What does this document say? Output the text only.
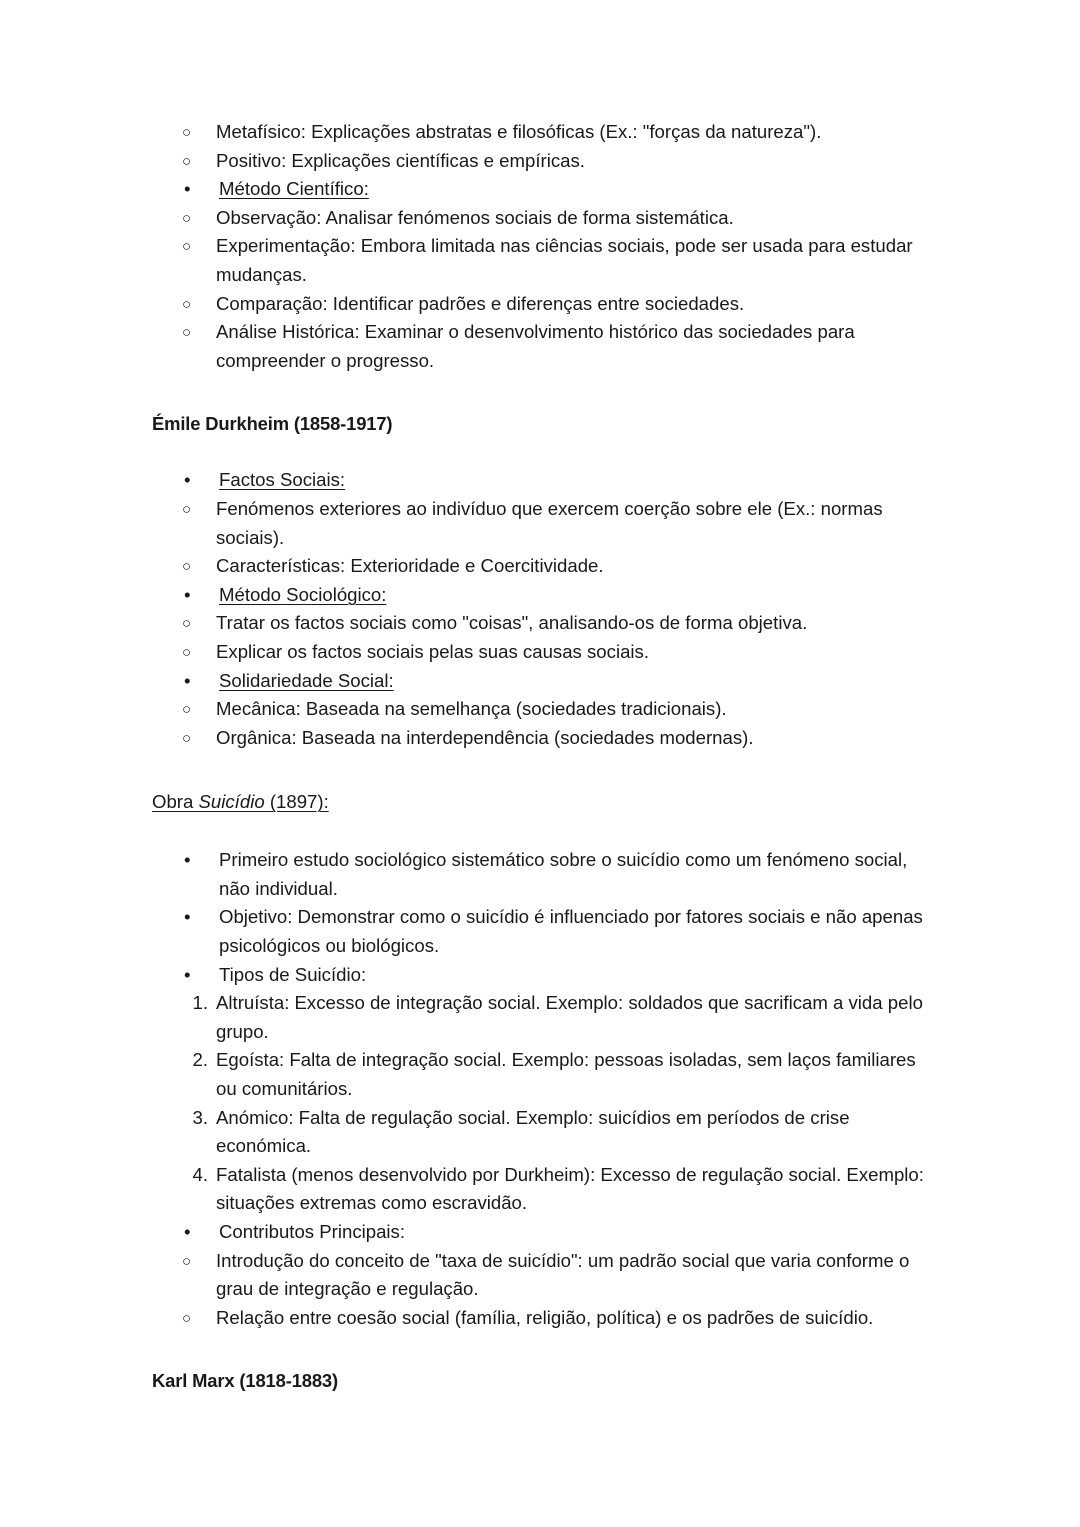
○ Metafísico: Explicações abstratas e filosóficas (Ex.: "forças da natureza").
○ Positivo: Explicações científicas e empíricas.
•	Método Científico:
○ Observação: Analisar fenómenos sociais de forma sistemática.
○ Experimentação: Embora limitada nas ciências sociais, pode ser usada para estudar mudanças.
○ Comparação: Identificar padrões e diferenças entre sociedades.
○ Análise Histórica: Examinar o desenvolvimento histórico das sociedades para compreender o progresso.

Émile Durkheim (1858-1917)

•	Factos Sociais:
○ Fenómenos exteriores ao indivíduo que exercem coerção sobre ele (Ex.: normas sociais).
○ Características: Exterioridade e Coercitividade.
•	Método Sociológico:
○ Tratar os factos sociais como "coisas", analisando-os de forma objetiva.
○ Explicar os factos sociais pelas suas causas sociais.
•	Solidariedade Social:
○ Mecânica: Baseada na semelhança (sociedades tradicionais).
○ Orgânica: Baseada na interdependência (sociedades modernas).

Obra Suicídio (1897):

•	Primeiro estudo sociológico sistemático sobre o suicídio como um fenómeno social, não individual.
•	Objetivo: Demonstrar como o suicídio é influenciado por fatores sociais e não apenas psicológicos ou biológicos.
•	Tipos de Suicídio:
1. Altruísta: Excesso de integração social. Exemplo: soldados que sacrificam a vida pelo grupo.
2. Egoísta: Falta de integração social. Exemplo: pessoas isoladas, sem laços familiares ou comunitários.
3. Anómico: Falta de regulação social. Exemplo: suicídios em períodos de crise económica.
4. Fatalista (menos desenvolvido por Durkheim): Excesso de regulação social. Exemplo: situações extremas como escravidão.
•	Contributos Principais:
○ Introdução do conceito de "taxa de suicídio": um padrão social que varia conforme o grau de integração e regulação.
○ Relação entre coesão social (família, religião, política) e os padrões de suicídio.

Karl Marx (1818-1883)
